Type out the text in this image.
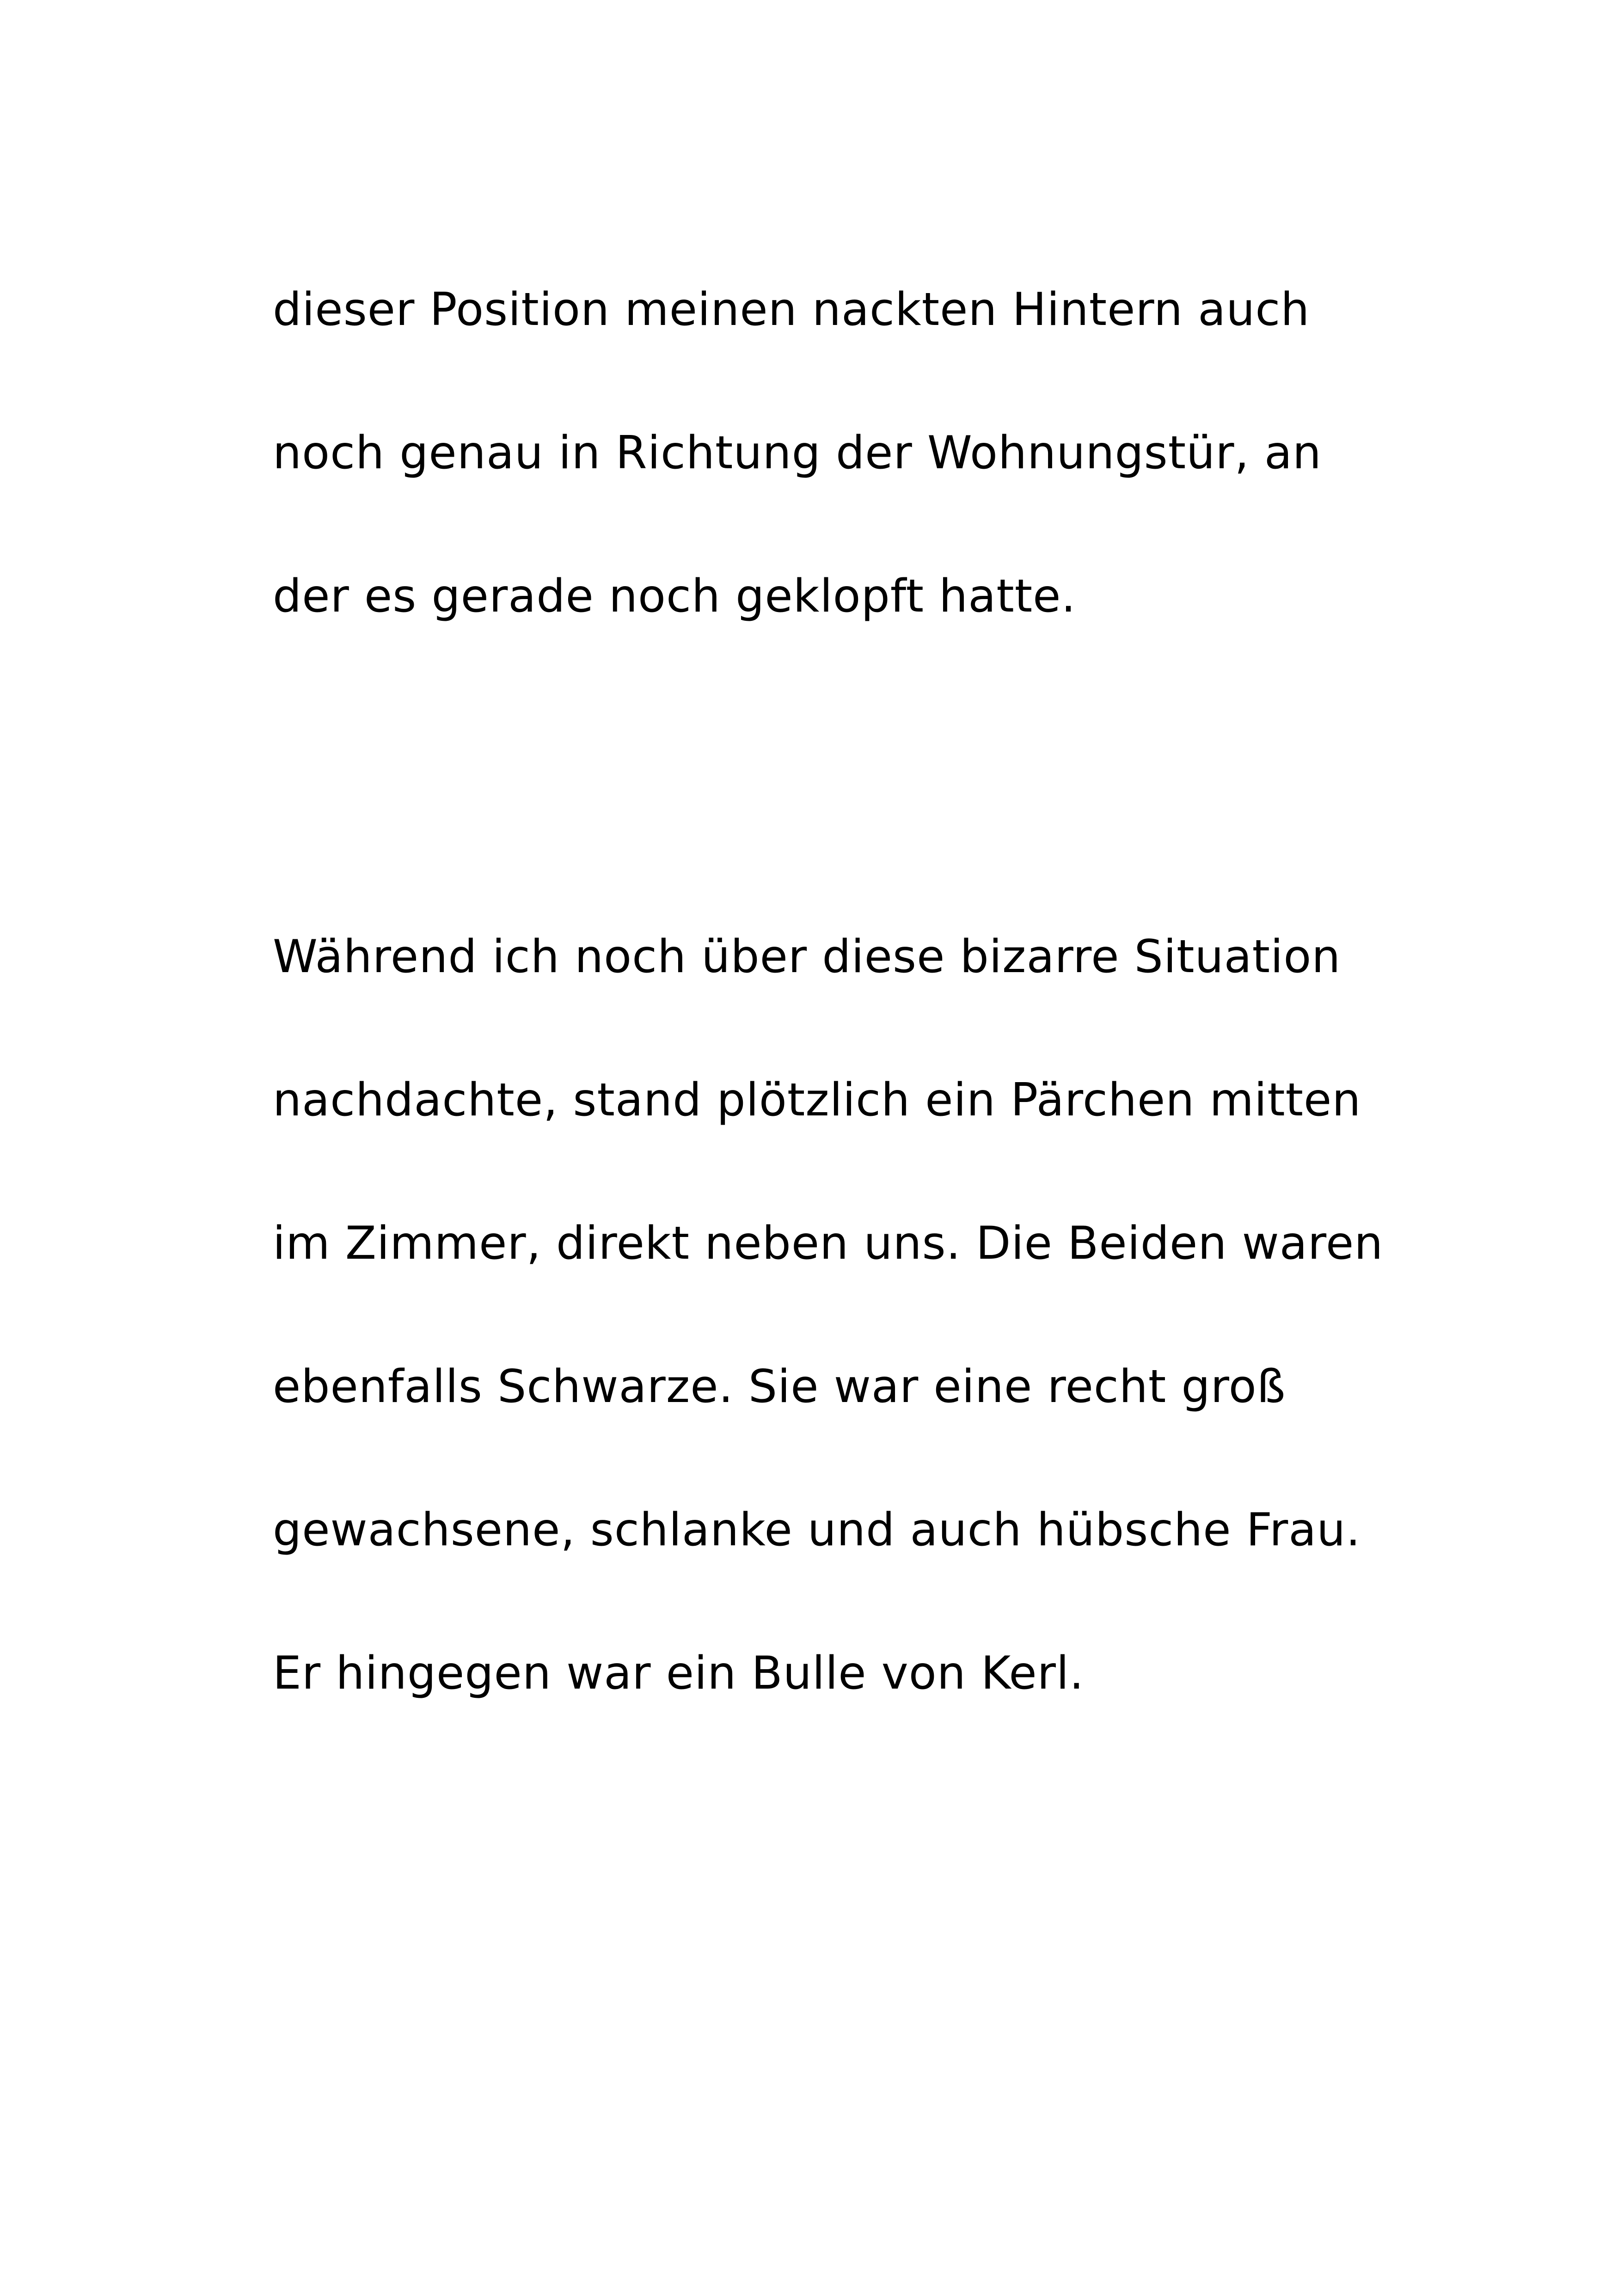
dieser Position meinen nackten Hintern auch
noch genau in Richtung der Wohnungstür, an
der es gerade noch geklopft hatte.
Während ich noch über diese bizarre Situation
nachdachte, stand plötzlich ein Pärchen mitten
im Zimmer, direkt neben uns. Die Beiden waren
ebenfalls Schwarze. Sie war eine recht groß
gewachsene, schlanke und auch hübsche Frau.
Er hingegen war ein Bulle von Kerl.
